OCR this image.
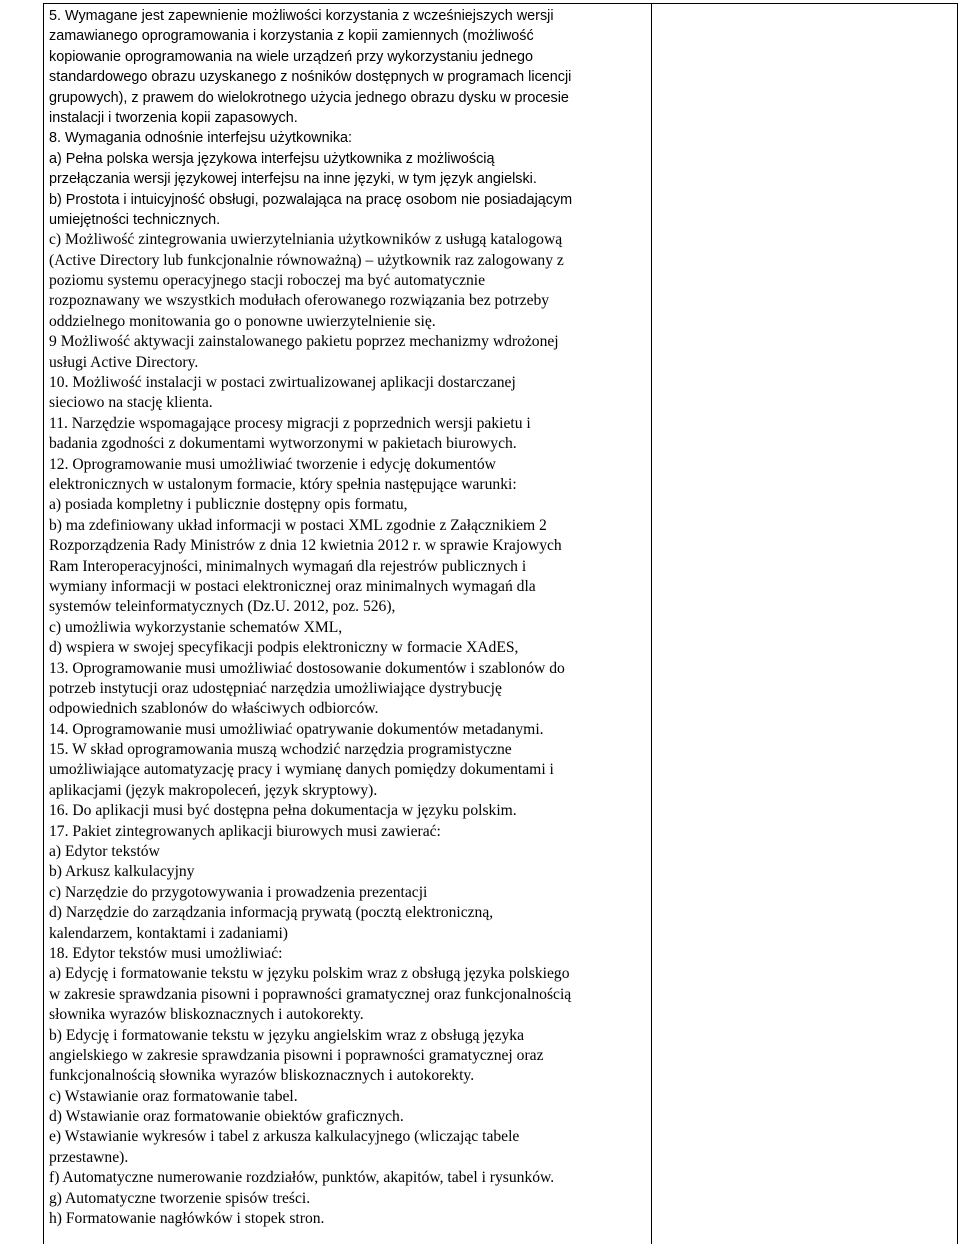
5. Wymagane jest zapewnienie możliwości korzystania z wcześniejszych wersji
zamawianego oprogramowania i korzystania z kopii zamiennych (możliwość
kopiowanie oprogramowania na wiele urządzeń przy wykorzystaniu jednego
standardowego obrazu uzyskanego z nośników dostępnych w programach licencji
grupowych), z prawem do wielokrotnego użycia jednego obrazu dysku w procesie
instalacji i tworzenia kopii zapasowych.
8. Wymagania odnośnie interfejsu użytkownika:
a) Pełna polska wersja językowa interfejsu użytkownika z możliwością
przełączania wersji językowej interfejsu na inne języki, w tym język angielski.
b) Prostota i intuicyjność obsługi, pozwalająca na pracę osobom nie posiadającym
umiejętności technicznych.
c) Możliwość zintegrowania uwierzytelniania użytkowników z usługą katalogową
(Active Directory lub funkcjonalnie równoważną) – użytkownik raz zalogowany z
poziomu systemu operacyjnego stacji roboczej ma być automatycznie
rozpoznawany we wszystkich modułach oferowanego rozwiązania bez potrzeby
oddzielnego monitowania go o ponowne uwierzytelnienie się.
9 Możliwość aktywacji zainstalowanego pakietu poprzez mechanizmy wdrożonej
usługi Active Directory.
10. Możliwość instalacji w postaci zwirtualizowanej aplikacji dostarczanej
sieciowo na stację klienta.
11. Narzędzie wspomagające procesy migracji z poprzednich wersji pakietu i
badania zgodności z dokumentami wytworzonymi w pakietach biurowych.
12. Oprogramowanie musi umożliwiać tworzenie i edycję dokumentów
elektronicznych w ustalonym formacie, który spełnia następujące warunki:
a) posiada kompletny i publicznie dostępny opis formatu,
b) ma zdefiniowany układ informacji w postaci XML zgodnie z Załącznikiem 2
Rozporządzenia Rady Ministrów z dnia 12 kwietnia 2012 r. w sprawie Krajowych
Ram Interoperacyjności, minimalnych wymagań dla rejestrów publicznych i
wymiany informacji w postaci elektronicznej oraz minimalnych wymagań dla
systemów teleinformatycznych (Dz.U. 2012, poz. 526),
c) umożliwia wykorzystanie schematów XML,
d) wspiera w swojej specyfikacji podpis elektroniczny w formacie XAdES,
13. Oprogramowanie musi umożliwiać dostosowanie dokumentów i szablonów do
potrzeb instytucji oraz udostępniać narzędzia umożliwiające dystrybucję
odpowiednich szablonów do właściwych odbiorców.
14. Oprogramowanie musi umożliwiać opatrywanie dokumentów metadanymi.
15. W skład oprogramowania muszą wchodzić narzędzia programistyczne
umożliwiające automatyzację pracy i wymianę danych pomiędzy dokumentami i
aplikacjami (język makropoleceń, język skryptowy).
16. Do aplikacji musi być dostępna pełna dokumentacja w języku polskim.
17. Pakiet zintegrowanych aplikacji biurowych musi zawierać:
a) Edytor tekstów
b) Arkusz kalkulacyjny
c) Narzędzie do przygotowywania i prowadzenia prezentacji
d) Narzędzie do zarządzania informacją prywatą (pocztą elektroniczną,
kalendarzem, kontaktami i zadaniami)
18. Edytor tekstów musi umożliwiać:
a) Edycję i formatowanie tekstu w języku polskim wraz z obsługą języka polskiego
w zakresie sprawdzania pisowni i poprawności gramatycznej oraz funkcjonalnością
słownika wyrazów bliskoznacznych i autokorekty.
b) Edycję i formatowanie tekstu w języku angielskim wraz z obsługą języka
angielskiego w zakresie sprawdzania pisowni i poprawności gramatycznej oraz
funkcjonalnością słownika wyrazów bliskoznacznych i autokorekty.
c) Wstawianie oraz formatowanie tabel.
d) Wstawianie oraz formatowanie obiektów graficznych.
e) Wstawianie wykresów i tabel z arkusza kalkulacyjnego (wliczając tabele
przestawne).
f) Automatyczne numerowanie rozdziałów, punktów, akapitów, tabel i rysunków.
g) Automatyczne tworzenie spisów treści.
h) Formatowanie nagłówków i stopek stron.
